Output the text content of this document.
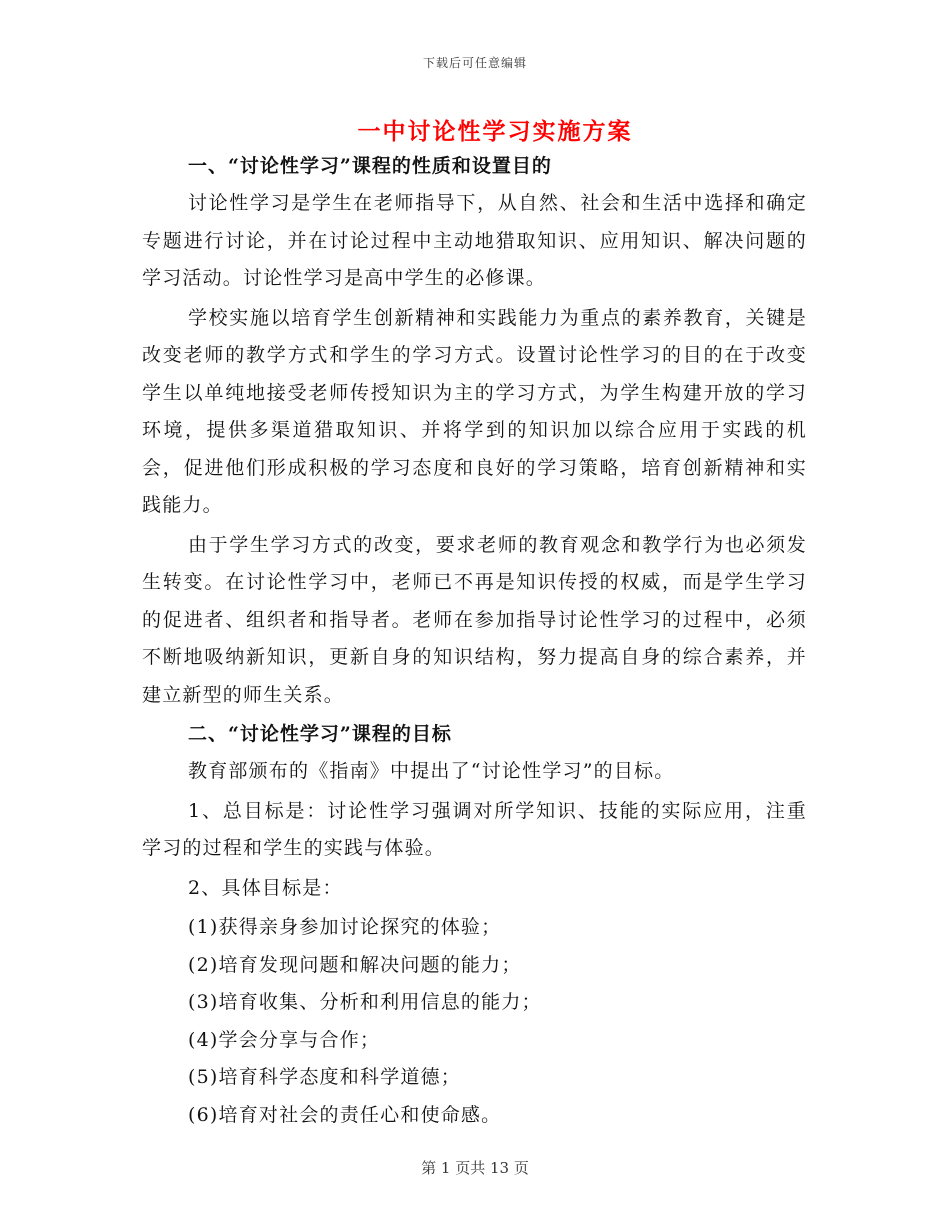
下载后可任意编辑
一中讨论性学习实施方案

一、“讨论性学习”课程的性质和设置目的

讨论性学习是学生在老师指导下，从自然、社会和生活中选择和确定专题进行讨论，并在讨论过程中主动地猎取知识、应用知识、解决问题的学习活动。讨论性学习是高中学生的必修课。

学校实施以培育学生创新精神和实践能力为重点的素养教育，关键是改变老师的教学方式和学生的学习方式。设置讨论性学习的目的在于改变学生以单纯地接受老师传授知识为主的学习方式，为学生构建开放的学习环境，提供多渠道猎取知识、并将学到的知识加以综合应用于实践的机会，促进他们形成积极的学习态度和良好的学习策略，培育创新精神和实践能力。

由于学生学习方式的改变，要求老师的教育观念和教学行为也必须发生转变。在讨论性学习中，老师已不再是知识传授的权威，而是学生学习的促进者、组织者和指导者。老师在参加指导讨论性学习的过程中，必须不断地吸纳新知识，更新自身的知识结构，努力提高自身的综合素养，并建立新型的师生关系。

二、“讨论性学习”课程的目标

教育部颁布的《指南》中提出了“讨论性学习”的目标。

1、总目标是：讨论性学习强调对所学知识、技能的实际应用，注重学习的过程和学生的实践与体验。

2、具体目标是：

(1)获得亲身参加讨论探究的体验；

(2)培育发现问题和解决问题的能力；

(3)培育收集、分析和利用信息的能力；

(4)学会分享与合作；

(5)培育科学态度和科学道德；

(6)培育对社会的责任心和使命感。

第 1 页共 13 页
